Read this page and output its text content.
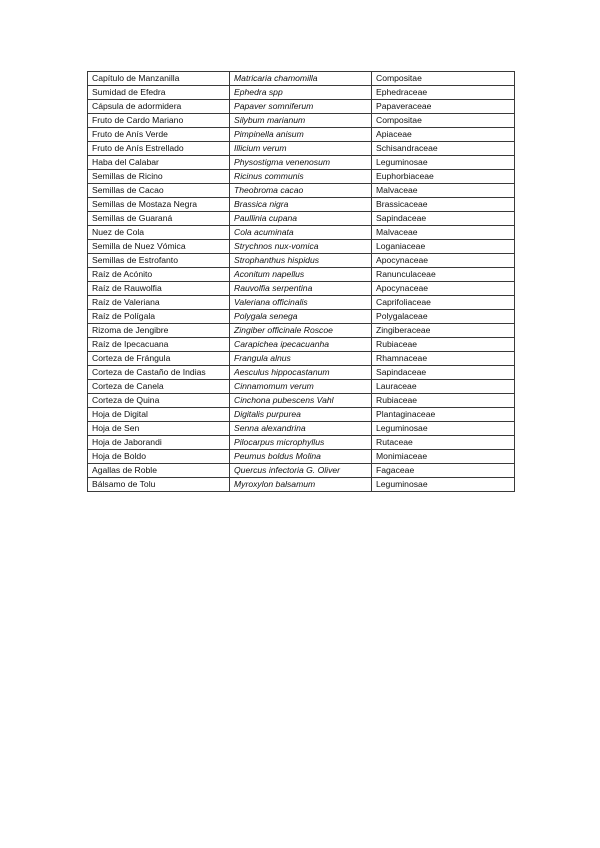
Capítulo de Manzanilla	Matricaria chamomilla	Compositae
Sumidad de Efedra	Ephedra spp	Ephedraceae
Cápsula de adormidera	Papaver somniferum	Papaveraceae
Fruto de Cardo Mariano	Silybum marianum	Compositae
Fruto de Anís Verde	Pimpinella anisum	Apiaceae
Fruto de Anís Estrellado	Illicium verum	Schisandraceae
Haba del Calabar	Physostigma venenosum	Leguminosae
Semillas de Ricino	Ricinus communis	Euphorbiaceae
Semillas de Cacao	Theobroma cacao	Malvaceae
Semillas de Mostaza Negra	Brassica nigra	Brassicaceae
Semillas de Guaraná	Paullinia cupana	Sapindaceae
Nuez de Cola	Cola acuminata	Malvaceae
Semilla de Nuez Vómica	Strychnos nux-vomica	Loganiaceae
Semillas de Estrofanto	Strophanthus hispidus	Apocynaceae
Raíz de Acónito	Aconitum napellus	Ranunculaceae
Raíz de Rauwolfia	Rauvolfia serpentina	Apocynaceae
Raíz de Valeriana	Valeriana officinalis	Caprifoliaceae
Raíz de Polígala	Polygala senega	Polygalaceae
Rizoma de Jengibre	Zingiber officinale Roscoe	Zingiberaceae
Raíz de Ipecacuana	Carapichea ipecacuanha	Rubiaceae
Corteza de Frángula	Frangula alnus	Rhamnaceae
Corteza de Castaño de Indias	Aesculus hippocastanum	Sapindaceae
Corteza de Canela	Cinnamomum verum	Lauraceae
Corteza de Quina	Cinchona pubescens Vahl	Rubiaceae
Hoja de Digital	Digitalis purpurea	Plantaginaceae
Hoja de Sen	Senna alexandrina	Leguminosae
Hoja de Jaborandi	Pilocarpus microphyllus	Rutaceae
Hoja de Boldo	Peumus boldus Molina	Monimiaceae
Agallas de Roble	Quercus infectoria G. Oliver	Fagaceae
Bálsamo de Tolu	Myroxylon balsamum	Leguminosae
